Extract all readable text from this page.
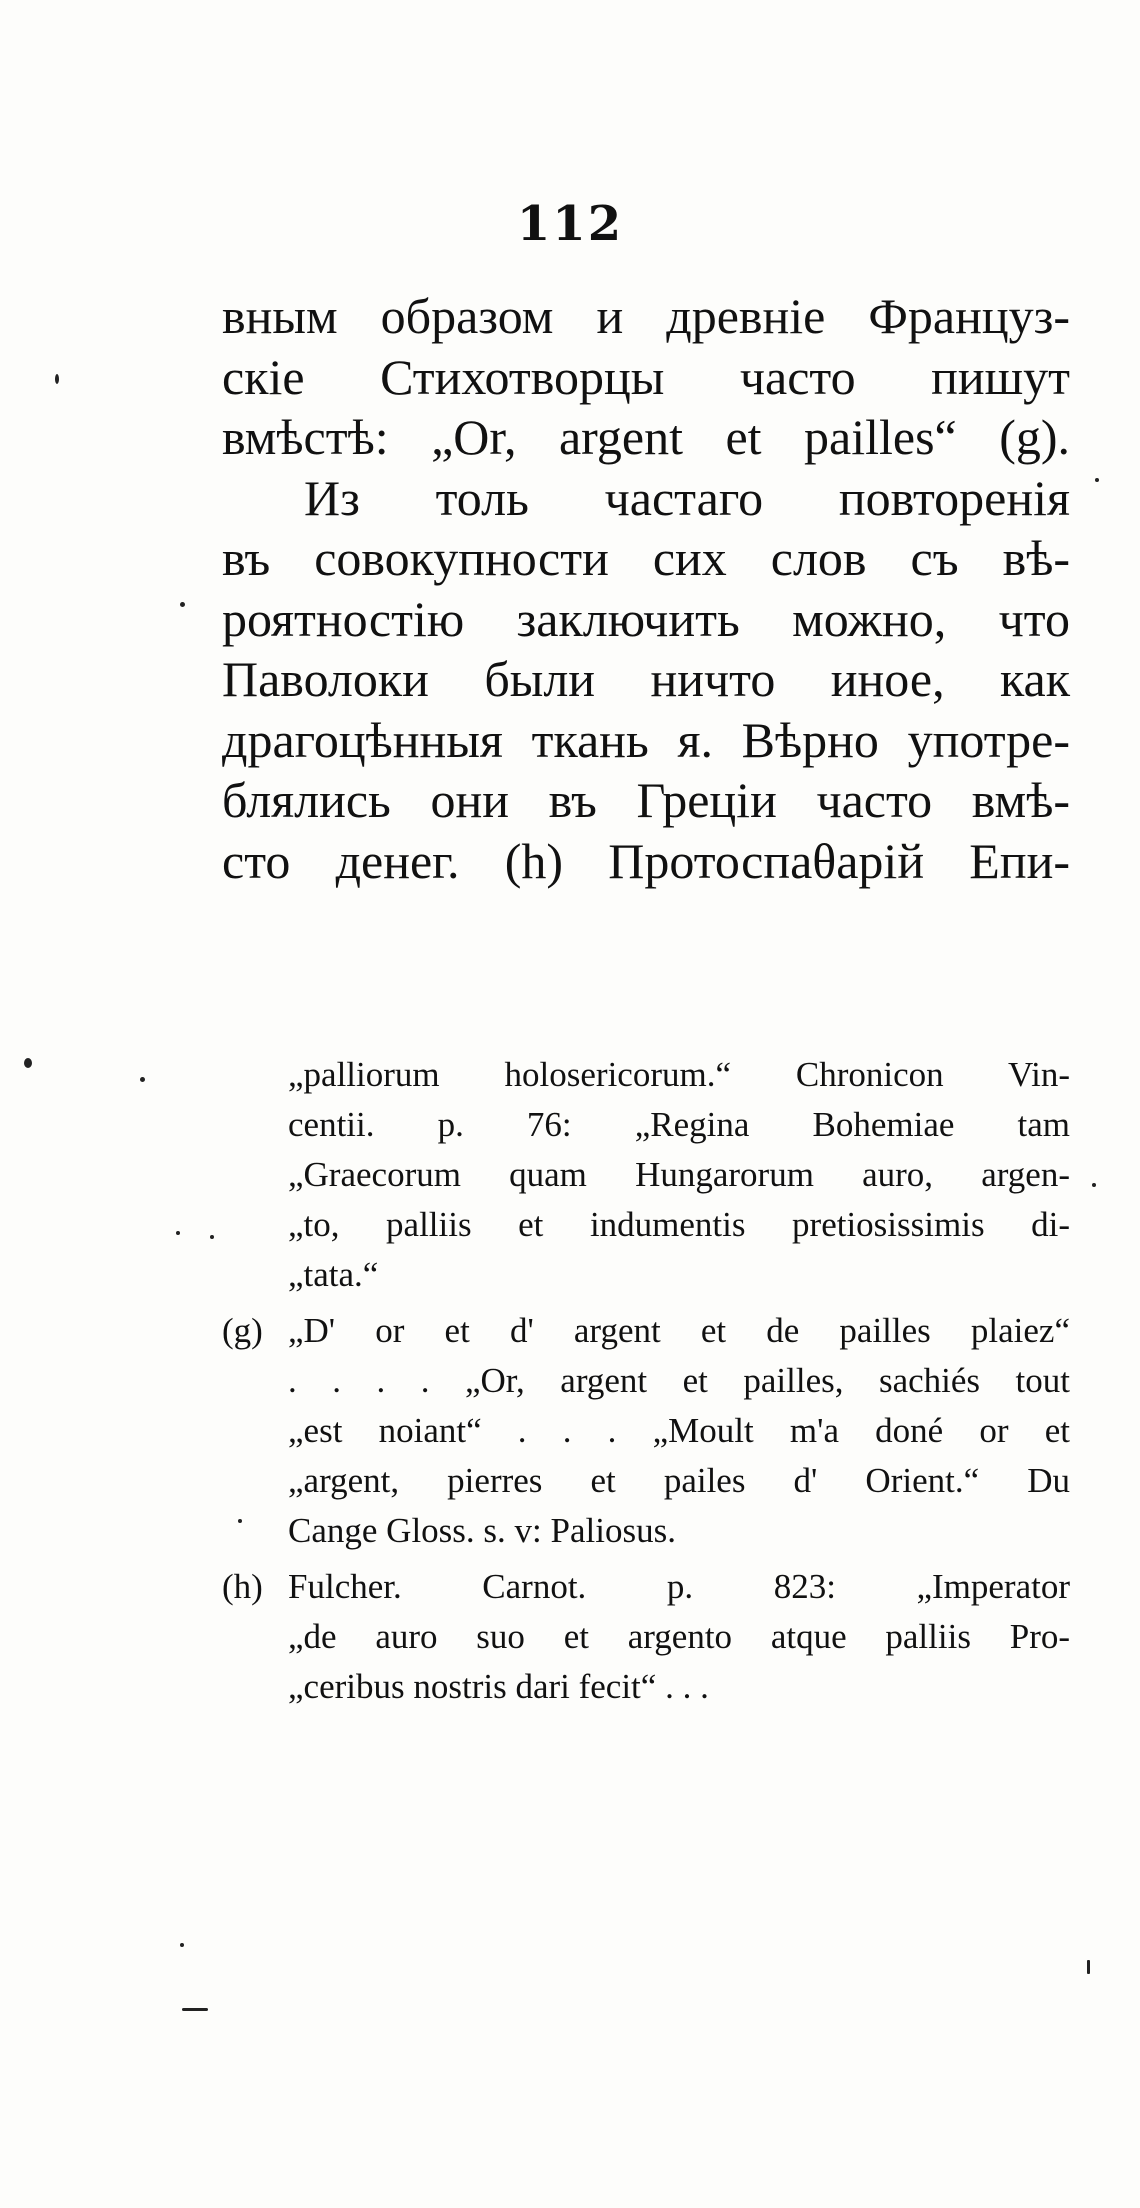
112
вным образом и древніе Француз-
скіе Стихотворцы часто пишут
вмѣстѣ: „Or, argent et pailles“ (g).
Из толь частаго повторенія
въ совокупности сих слов съ вѣ-
роятностію заключить можно, что
Паволоки были ничто иное, как
драгоцѣнныя ткань я. Вѣрно употре-
блялись они въ Греціи часто вмѣ-
сто денег. (h) Протоспаθарій Епи-
„palliorum holosericorum.“ Chronicon Vin-
centii. p. 76: „Regina Bohemiae tam
„Graecorum quam Hungarorum auro, argen-
„to, palliis et indumentis pretiosissimis di-
„tata.“
(g) „D' or et d' argent et de pailles plaiez“
. . . . „Or, argent et pailles, sachiés tout
„est noiant“ . . . „Moult m'a doné or et
„argent, pierres et pailes d' Orient.“ Du
Cange Gloss. s. v: Paliosus.
(h) Fulcher. Carnot. p. 823: „Imperator
„de auro suo et argento atque palliis Pro-
„ceribus nostris dari fecit“ . . .
